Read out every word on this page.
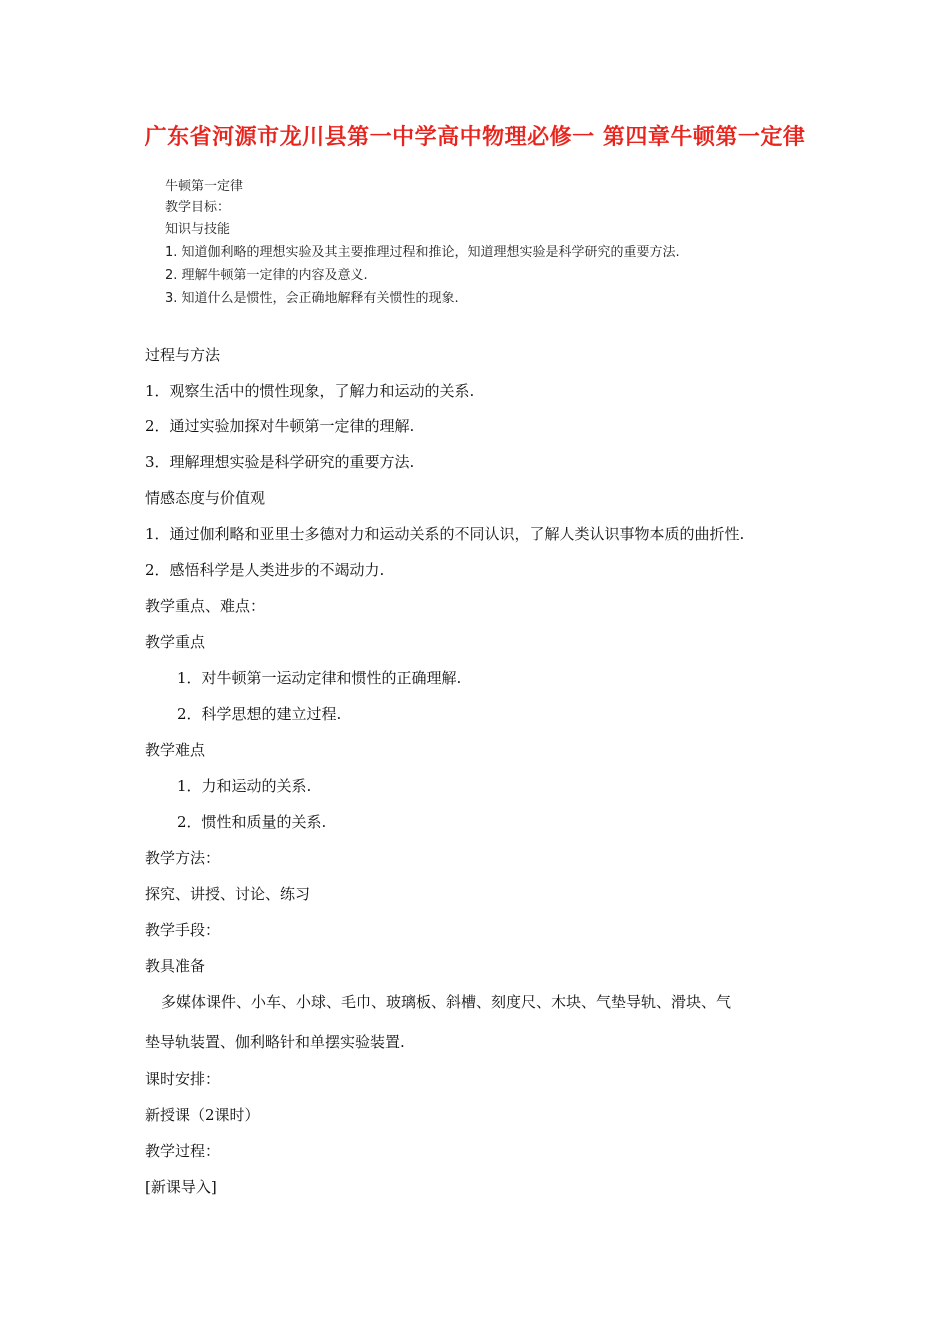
广东省河源市龙川县第一中学高中物理必修一 第四章牛顿第一定律
牛顿第一定律
教学目标：
知识与技能
1. 知道伽利略的理想实验及其主要推理过程和推论，知道理想实验是科学研究的重要方法.
2. 理解牛顿第一定律的内容及意义.
3. 知道什么是惯性，会正确地解释有关惯性的现象.
过程与方法
1．观察生活中的惯性现象，了解力和运动的关系.
2．通过实验加探对牛顿第一定律的理解.
3．理解理想实验是科学研究的重要方法.
情感态度与价值观
1．通过伽利略和亚里士多德对力和运动关系的不同认识，了解人类认识事物本质的曲折性.
2．感悟科学是人类进步的不竭动力.
教学重点、难点：
教学重点
1．对牛顿第一运动定律和惯性的正确理解.
2．科学思想的建立过程.
教学难点
1．力和运动的关系.
2．惯性和质量的关系.
教学方法：
探究、讲授、讨论、练习
教学手段：
教具准备
多媒体课件、小车、小球、毛巾、玻璃板、斜槽、刻度尺、木块、气垫导轨、滑块、气
垫导轨装置、伽利略针和单摆实验装置.
课时安排：
新授课（2课时）
教学过程：
[新课导入]
